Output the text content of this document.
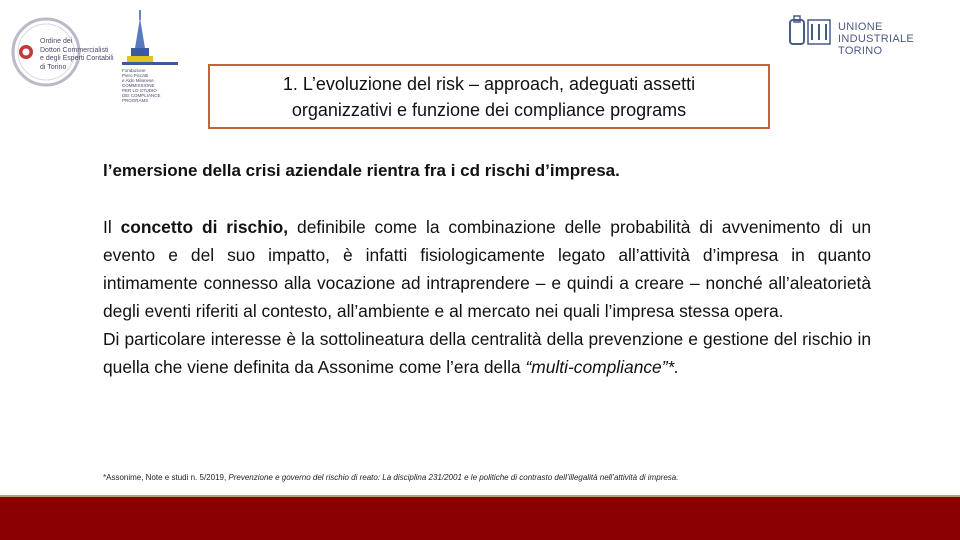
Ordine dei
Dottori Commercialisti
e degli Esperti Contabili
di Torino	Fondazione
Piero Piccatti
e Aldo Milanese
COMMISSIONE
PER LO STUDIO
DEI COMPLIANCE
PROGRAMS
UNIONE INDUSTRIALE
TORINO
1. L’evoluzione del risk – approach, adeguati assetti
organizzativi e funzione dei compliance programs
l’emersione della crisi aziendale rientra fra i cd rischi d’impresa.

Il concetto di rischio, definibile come la combinazione delle probabilità di avvenimento di un evento e del suo impatto, è infatti fisiologicamente legato all’attività d’impresa in quanto intimamente connesso alla vocazione ad intraprendere – e quindi a creare – nonché all’aleatorietà degli eventi riferiti al contesto, all’ambiente e al mercato nei quali l’impresa stessa opera.

Di particolare interesse è la sottolineatura della centralità della prevenzione e gestione del rischio in quella che viene definita da Assonime come l’era della “multi-compliance”*.

*Assonime, Note e studi n. 5/2019, Prevenzione e governo del rischio di reato: La disciplina 231/2001 e le politiche di contrasto dell’illegalità nell’attività di impresa.
